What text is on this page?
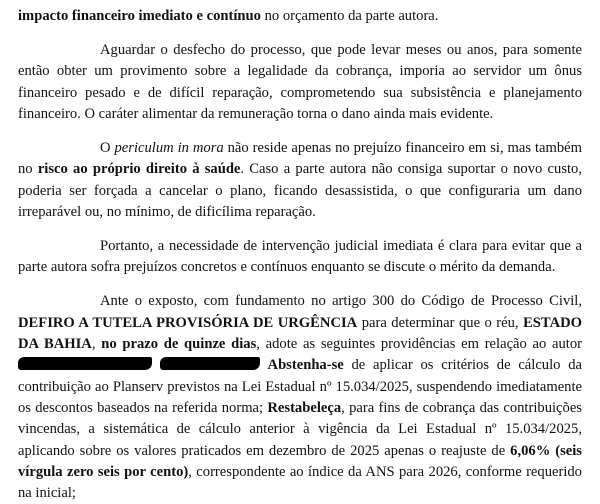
impacto financeiro imediato e contínuo no orçamento da parte autora.

Aguardar o desfecho do processo, que pode levar meses ou anos, para somente então obter um provimento sobre a legalidade da cobrança, imporia ao servidor um ônus financeiro pesado e de difícil reparação, comprometendo sua subsistência e planejamento financeiro. O caráter alimentar da remuneração torna o dano ainda mais evidente.

O periculum in mora não reside apenas no prejuízo financeiro em si, mas também no risco ao próprio direito à saúde. Caso a parte autora não consiga suportar o novo custo, poderia ser forçada a cancelar o plano, ficando desassistida, o que configuraria um dano irreparável ou, no mínimo, de dificílima reparação.

Portanto, a necessidade de intervenção judicial imediata é clara para evitar que a parte autora sofra prejuízos concretos e contínuos enquanto se discute o mérito da demanda.

Ante o exposto, com fundamento no artigo 300 do Código de Processo Civil, DEFIRO A TUTELA PROVISÓRIA DE URGÊNCIA para determinar que o réu, ESTADO DA BAHIA, no prazo de quinze dias, adote as seguintes providências em relação ao autor   Abstenha-se de aplicar os critérios de cálculo da contribuição ao Planserv previstos na Lei Estadual nº 15.034/2025, suspendendo imediatamente os descontos baseados na referida norma; Restabeleça, para fins de cobrança das contribuições vincendas, a sistemática de cálculo anterior à vigência da Lei Estadual nº 15.034/2025, aplicando sobre os valores praticados em dezembro de 2025 apenas o reajuste de 6,06% (seis vírgula zero seis por cento), correspondente ao índice da ANS para 2026, conforme requerido na inicial;
